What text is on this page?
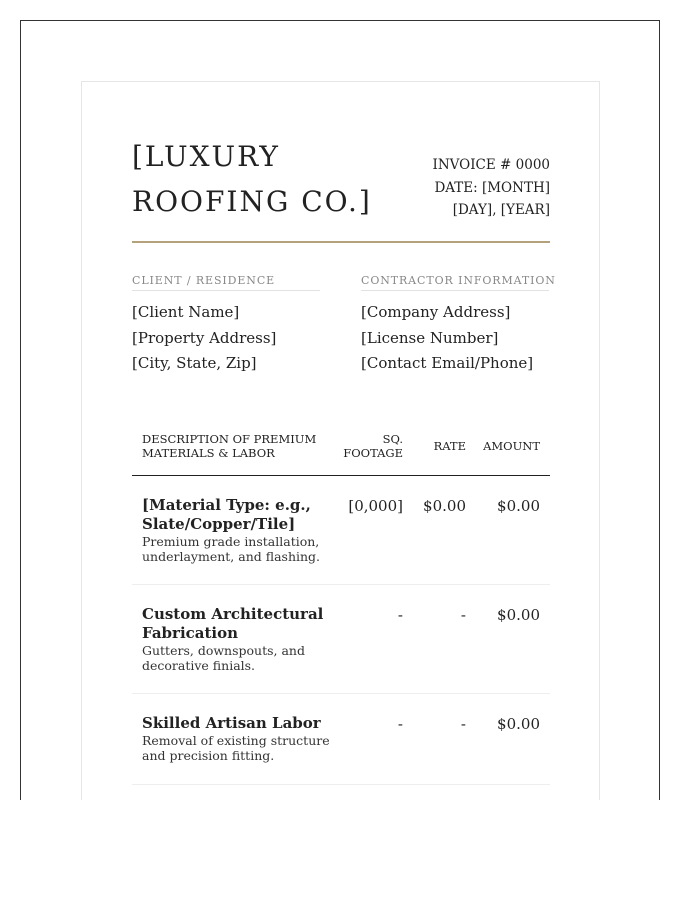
[LUXURY
ROOFING CO.]
INVOICE # 0000
DATE: [MONTH]
[DAY], [YEAR]
CLIENT / RESIDENCE
[Client Name]
[Property Address]
[City, State, Zip]
CONTRACTOR INFORMATION
[Company Address]
[License Number]
[Contact Email/Phone]
DESCRIPTION OF PREMIUM
MATERIALS & LABOR
SQ.
FOOTAGE	RATE AMOUNT
[Material Type: e.g., Slate/Copper/Tile]
Premium grade installation, underlayment, and flashing.
[0,000] $0.00 $0.00
Custom Architectural Fabrication
Gutters, downspouts, and decorative finials.
-	- $0.00
Skilled Artisan Labor
Removal of existing structure and precision fitting.
-	- $0.00
